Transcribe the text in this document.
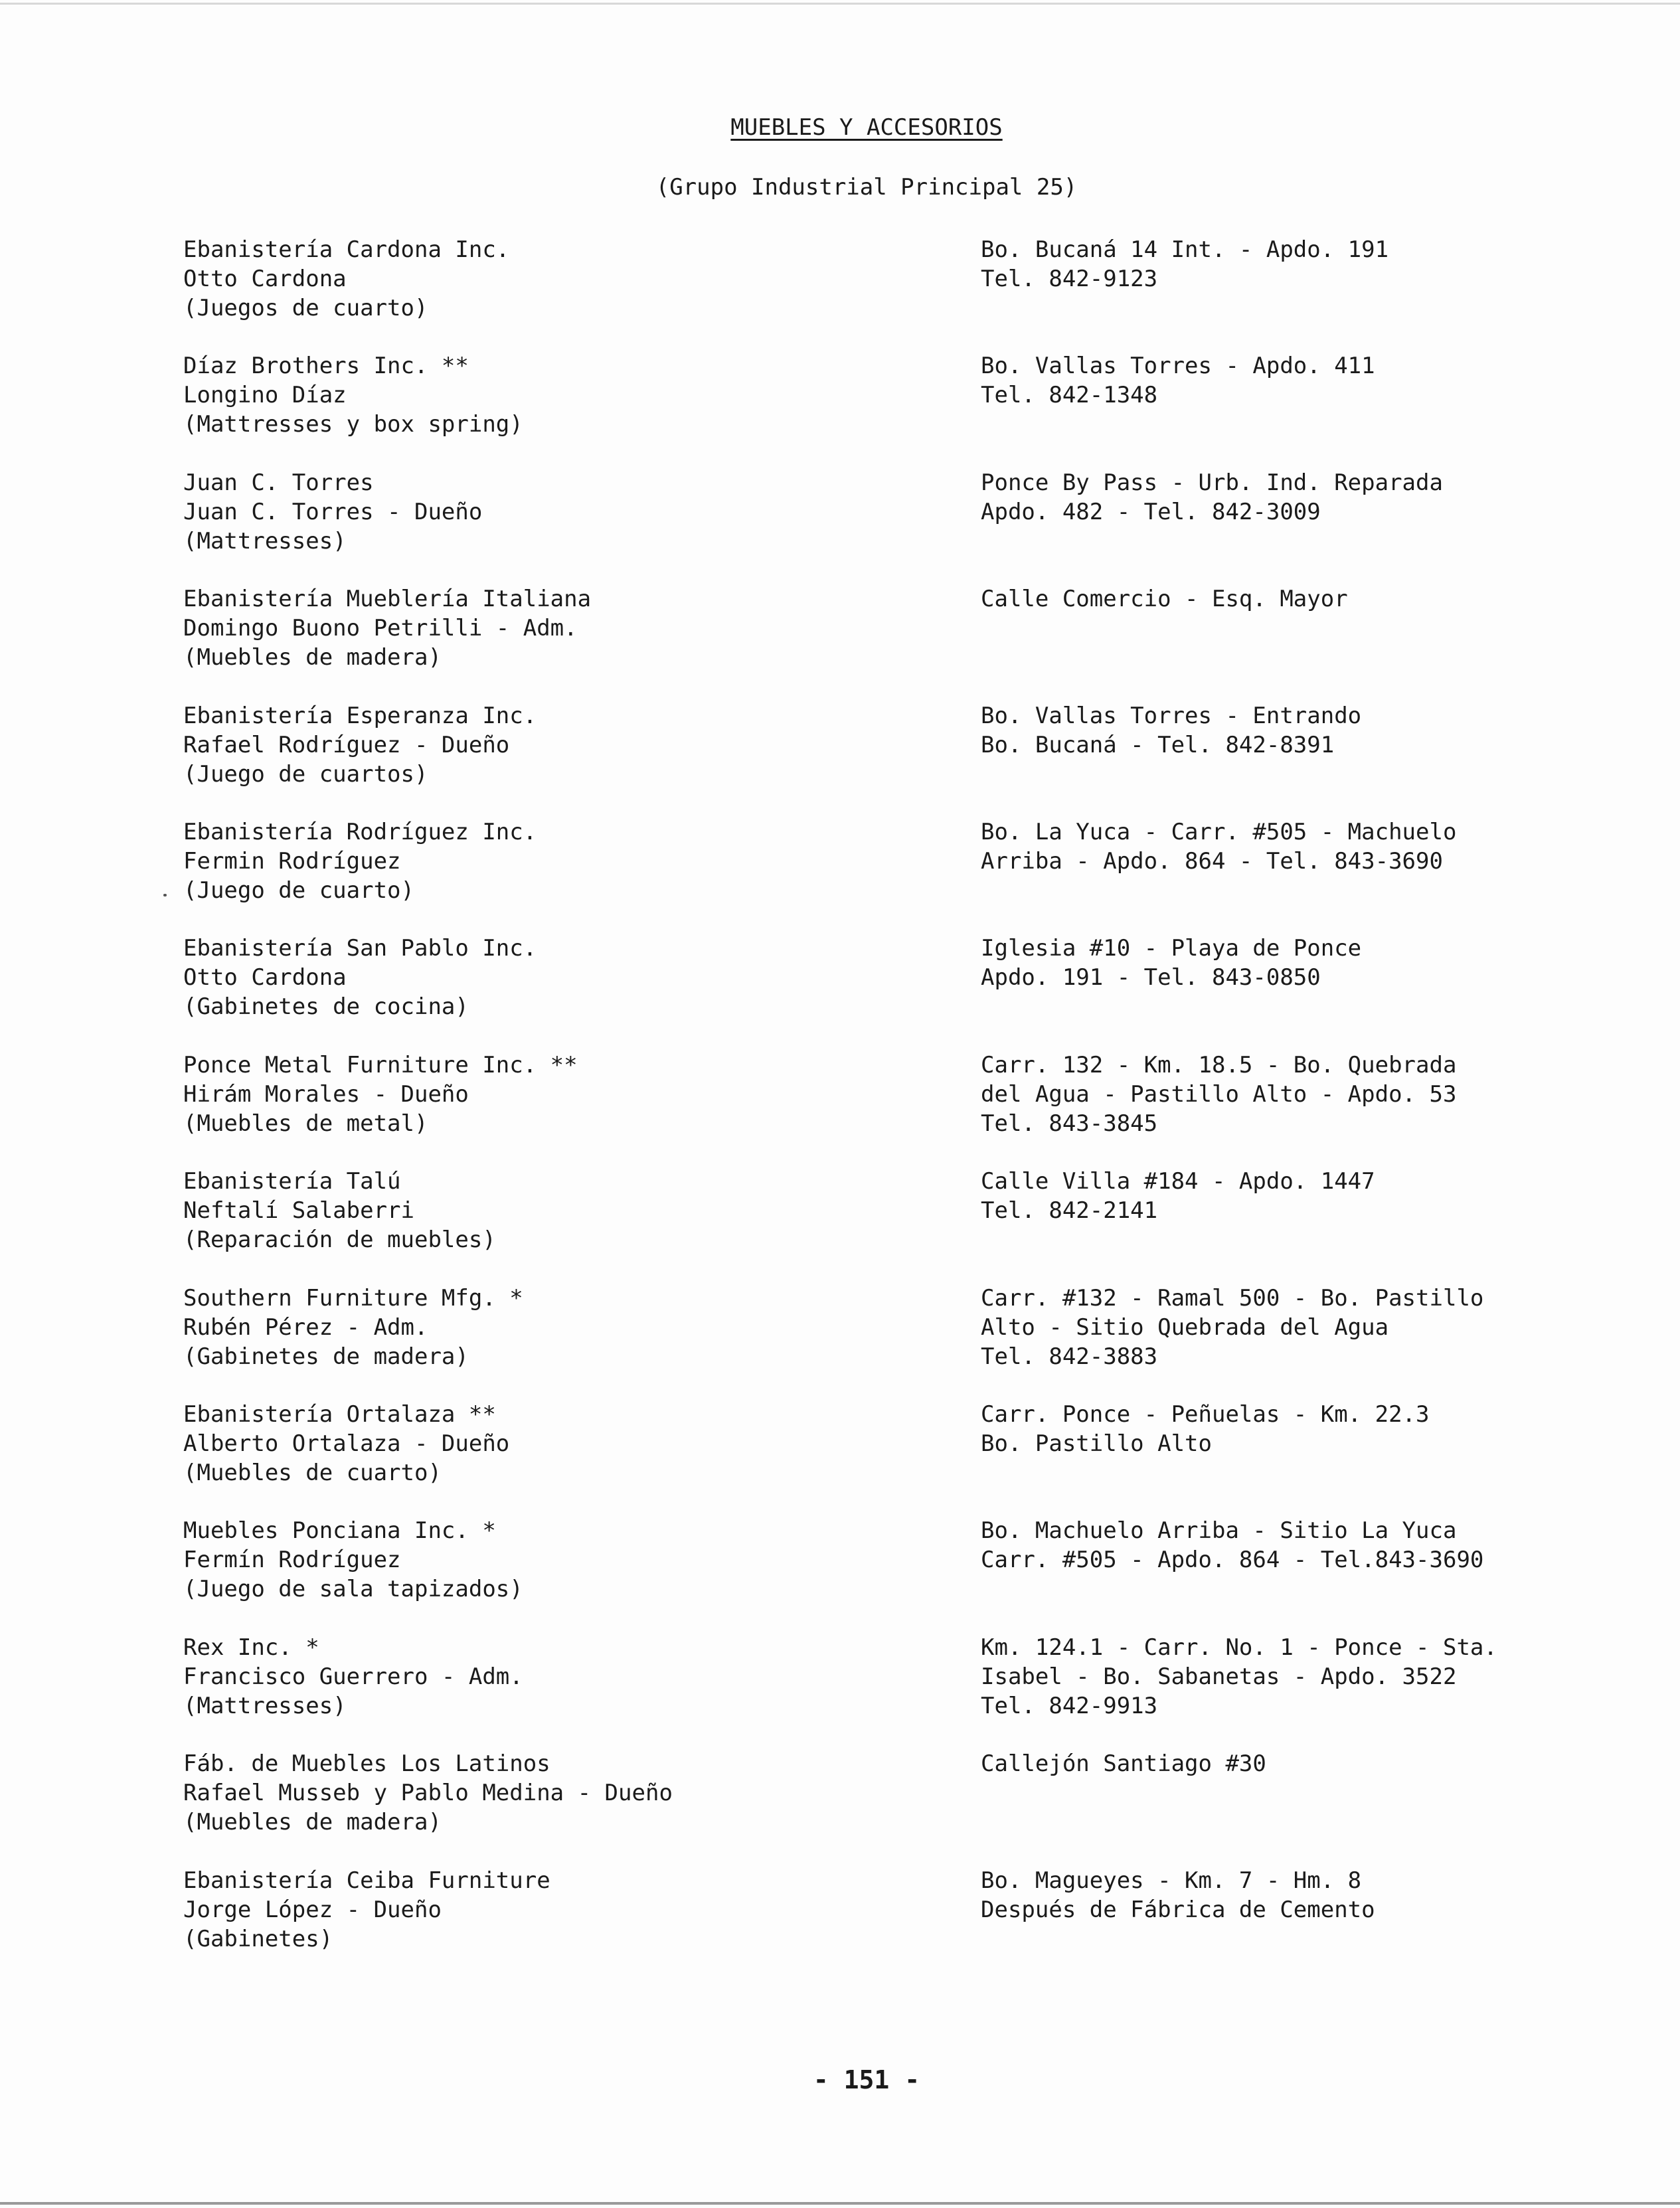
MUEBLES Y ACCESORIOS
(Grupo Industrial Principal 25)
Ebanistería Cardona Inc.
Otto Cardona
(Juegos de cuarto)
Bo. Bucaná 14 Int. - Apdo. 191
Tel. 842-9123
Díaz Brothers Inc. **
Longino Díaz
(Mattresses y box spring)
Bo. Vallas Torres - Apdo. 411
Tel. 842-1348
Juan C. Torres
Juan C. Torres - Dueño
(Mattresses)
Ponce By Pass - Urb. Ind. Reparada
Apdo. 482 - Tel. 842-3009
Ebanistería Mueblería Italiana
Domingo Buono Petrilli - Adm.
(Muebles de madera)
Calle Comercio - Esq. Mayor
Ebanistería Esperanza Inc.
Rafael Rodríguez - Dueño
(Juego de cuartos)
Bo. Vallas Torres - Entrando
Bo. Bucaná - Tel. 842-8391
Ebanistería Rodríguez Inc.
Fermin Rodríguez
(Juego de cuarto)
Bo. La Yuca - Carr. #505 - Machuelo
Arriba - Apdo. 864 - Tel. 843-3690
Ebanistería San Pablo Inc.
Otto Cardona
(Gabinetes de cocina)
Iglesia #10 - Playa de Ponce
Apdo. 191 - Tel. 843-0850
Ponce Metal Furniture Inc. **
Hirám Morales - Dueño
(Muebles de metal)
Carr. 132 - Km. 18.5 - Bo. Quebrada
del Agua - Pastillo Alto - Apdo. 53
Tel. 843-3845
Ebanistería Talú
Neftalí Salaberri
(Reparación de muebles)
Calle Villa #184 - Apdo. 1447
Tel. 842-2141
Southern Furniture Mfg. *
Rubén Pérez - Adm.
(Gabinetes de madera)
Carr. #132 - Ramal 500 - Bo. Pastillo
Alto - Sitio Quebrada del Agua
Tel. 842-3883
Ebanistería Ortalaza **
Alberto Ortalaza - Dueño
(Muebles de cuarto)
Carr. Ponce - Peñuelas - Km. 22.3
Bo. Pastillo Alto
Muebles Ponciana Inc. *
Fermín Rodríguez
(Juego de sala tapizados)
Bo. Machuelo Arriba - Sitio La Yuca
Carr. #505 - Apdo. 864 - Tel.843-3690
Rex Inc. *
Francisco Guerrero - Adm.
(Mattresses)
Km. 124.1 - Carr. No. 1 - Ponce - Sta.
Isabel - Bo. Sabanetas - Apdo. 3522
Tel. 842-9913
Fáb. de Muebles Los Latinos
Rafael Musseb y Pablo Medina - Dueño
(Muebles de madera)
Callejón Santiago #30
Ebanistería Ceiba Furniture
Jorge López - Dueño
(Gabinetes)
Bo. Magueyes - Km. 7 - Hm. 8
Después de Fábrica de Cemento
- 151 -
